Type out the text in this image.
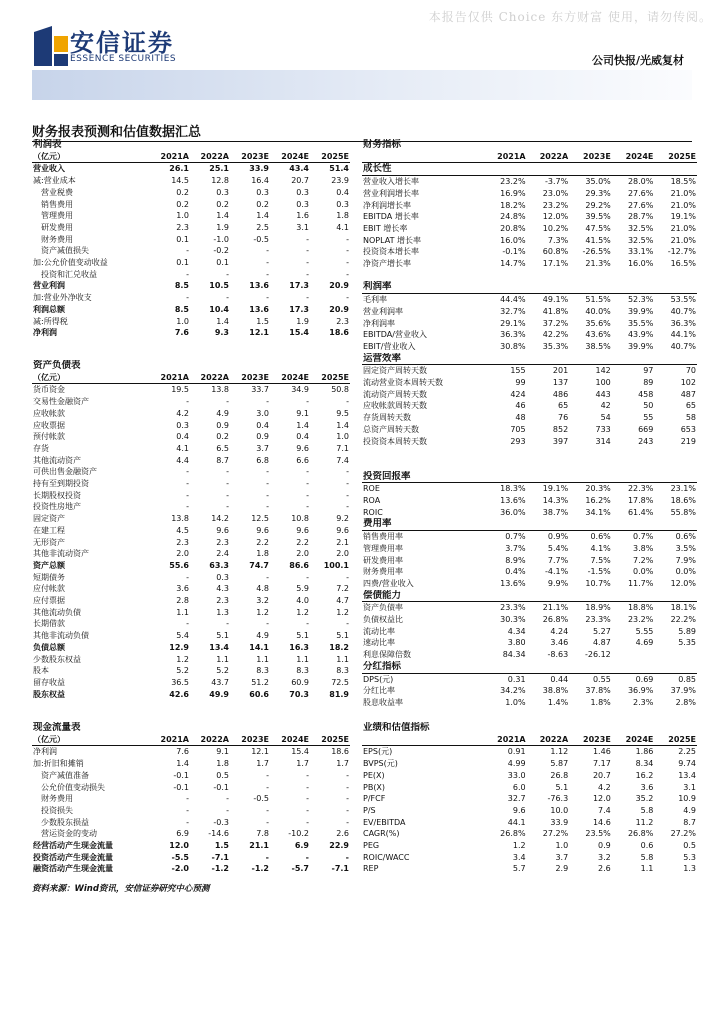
本报告仅供 Choice 东方财富 使用，请勿传阅。
安信证券
ESSENCE SECURITIES	公司快报/光威复材
财务报表预测和估值数据汇总
利润表					
（亿元）	2021A	2022A	2023E	2024E	2025E
营业收入	26.1	25.1	33.9	43.4	51.4
减:营业成本	14.5	12.8	16.4	20.7	23.9
　营业税费	0.2	0.3	0.3	0.3	0.4
　销售费用	0.2	0.2	0.2	0.3	0.3
　管理费用	1.0	1.4	1.4	1.6	1.8
　研发费用	2.3	1.9	2.5	3.1	4.1
　财务费用	0.1	-1.0	-0.5	-	-
　资产减值损失	-	-0.2	-	-	-
加:公允价值变动收益	0.1	0.1	-	-	-
　投资和汇兑收益	-	-	-	-	-
营业利润	8.5	10.5	13.6	17.3	20.9
加:营业外净收支	-	-	-	-	-
利润总额	8.5	10.4	13.6	17.3	20.9
减:所得税	1.0	1.4	1.5	1.9	2.3
净利润	7.6	9.3	12.1	15.4	18.6
资产负债表					
（亿元）	2021A	2022A	2023E	2024E	2025E
货币资金	19.5	13.8	33.7	34.9	50.8
交易性金融资产	-	-	-	-	-
应收帐款	4.2	4.9	3.0	9.1	9.5
应收票据	0.3	0.9	0.4	1.4	1.4
预付帐款	0.4	0.2	0.9	0.4	1.0
存货	4.1	6.5	3.7	9.6	7.1
其他流动资产	4.4	8.7	6.8	6.6	7.4
可供出售金融资产	-	-	-	-	-
持有至到期投资	-	-	-	-	-
长期股权投资	-	-	-	-	-
投资性房地产	-	-	-	-	-
固定资产	13.8	14.2	12.5	10.8	9.2
在建工程	4.5	9.6	9.6	9.6	9.6
无形资产	2.3	2.3	2.2	2.2	2.1
其他非流动资产	2.0	2.4	1.8	2.0	2.0
资产总额	55.6	63.3	74.7	86.6	100.1
短期债务	-	0.3	-	-	-
应付帐款	3.6	4.3	4.8	5.9	7.2
应付票据	2.8	2.3	3.2	4.0	4.7
其他流动负债	1.1	1.3	1.2	1.2	1.2
长期借款	-	-	-	-	-
其他非流动负债	5.4	5.1	4.9	5.1	5.1
负债总额	12.9	13.4	14.1	16.3	18.2
少数股东权益	1.2	1.1	1.1	1.1	1.1
股本	5.2	5.2	8.3	8.3	8.3
留存收益	36.5	43.7	51.2	60.9	72.5
股东权益	42.6	49.9	60.6	70.3	81.9
财务指标					
	2021A	2022A	2023E	2024E	2025E
成长性					
营业收入增长率	23.2%	-3.7%	35.0%	28.0%	18.5%
营业利润增长率	16.9%	23.0%	29.3%	27.6%	21.0%
净利润增长率	18.2%	23.2%	29.2%	27.6%	21.0%
EBITDA 增长率	24.8%	12.0%	39.5%	28.7%	19.1%
EBIT 增长率	20.8%	10.2%	47.5%	32.5%	21.0%
NOPLAT 增长率	16.0%	7.3%	41.5%	32.5%	21.0%
投资资本增长率	-0.1%	60.8%	-26.5%	33.1%	-12.7%
净资产增长率	14.7%	17.1%	21.3%	16.0%	16.5%

利润率					
毛利率	44.4%	49.1%	51.5%	52.3%	53.5%
营业利润率	32.7%	41.8%	40.0%	39.9%	40.7%
净利润率	29.1%	37.2%	35.6%	35.5%	36.3%
EBITDA/营业收入	36.3%	42.2%	43.6%	43.9%	44.1%
EBIT/营业收入	30.8%	35.3%	38.5%	39.9%	40.7%
运营效率					
固定资产周转天数	155	201	142	97	70
流动营业资本周转天数	99	137	100	89	102
流动资产周转天数	424	486	443	458	487
应收帐款周转天数	46	65	42	50	65
存货周转天数	48	76	54	55	58
总资产周转天数	705	852	733	669	653
投资资本周转天数	293	397	314	243	219

投资回报率					
ROE	18.3%	19.1%	20.3%	22.3%	23.1%
ROA	13.6%	14.3%	16.2%	17.8%	18.6%
ROIC	36.0%	38.7%	34.1%	61.4%	55.8%
费用率					
销售费用率	0.7%	0.9%	0.6%	0.7%	0.6%
管理费用率	3.7%	5.4%	4.1%	3.8%	3.5%
研发费用率	8.9%	7.7%	7.5%	7.2%	7.9%
财务费用率	0.4%	-4.1%	-1.5%	0.0%	0.0%
四费/营业收入	13.6%	9.9%	10.7%	11.7%	12.0%
偿债能力					
资产负债率	23.3%	21.1%	18.9%	18.8%	18.1%
负债权益比	30.3%	26.8%	23.3%	23.2%	22.2%
流动比率	4.34	4.24	5.27	5.55	5.89
速动比率	3.80	3.46	4.87	4.69	5.35
利息保障倍数	84.34	-8.63	-26.12		
分红指标					
DPS(元)	0.31	0.44	0.55	0.69	0.85
分红比率	34.2%	38.8%	37.8%	36.9%	37.9%
股息收益率	1.0%	1.4%	1.8%	2.3%	2.8%
现金流量表					
（亿元）	2021A	2022A	2023E	2024E	2025E
净利润	7.6	9.1	12.1	15.4	18.6
加:折旧和摊销	1.4	1.8	1.7	1.7	1.7
　资产减值准备	-0.1	0.5	-	-	-
　公允价值变动损失	-0.1	-0.1	-	-	-
　财务费用	-	-	-0.5	-	-
　投资损失	-	-	-	-	-
　少数股东损益	-	-0.3	-	-	-
　营运资金的变动	6.9	-14.6	7.8	-10.2	2.6
经营活动产生现金流量	12.0	1.5	21.1	6.9	22.9
投资活动产生现金流量	-5.5	-7.1	-	-	-
融资活动产生现金流量	-2.0	-1.2	-1.2	-5.7	-7.1
业绩和估值指标					
	2021A	2022A	2023E	2024E	2025E
EPS(元)	0.91	1.12	1.46	1.86	2.25
BVPS(元)	4.99	5.87	7.17	8.34	9.74
PE(X)	33.0	26.8	20.7	16.2	13.4
PB(X)	6.0	5.1	4.2	3.6	3.1
P/FCF	32.7	-76.3	12.0	35.2	10.9
P/S	9.6	10.0	7.4	5.8	4.9
EV/EBITDA	44.1	33.9	14.6	11.2	8.7
CAGR(%)	26.8%	27.2%	23.5%	26.8%	27.2%
PEG	1.2	1.0	0.9	0.6	0.5
ROIC/WACC	3.4	3.7	3.2	5.8	5.3
REP	5.7	2.9	2.6	1.1	1.3
资料来源：Wind资讯，安信证券研究中心预测
